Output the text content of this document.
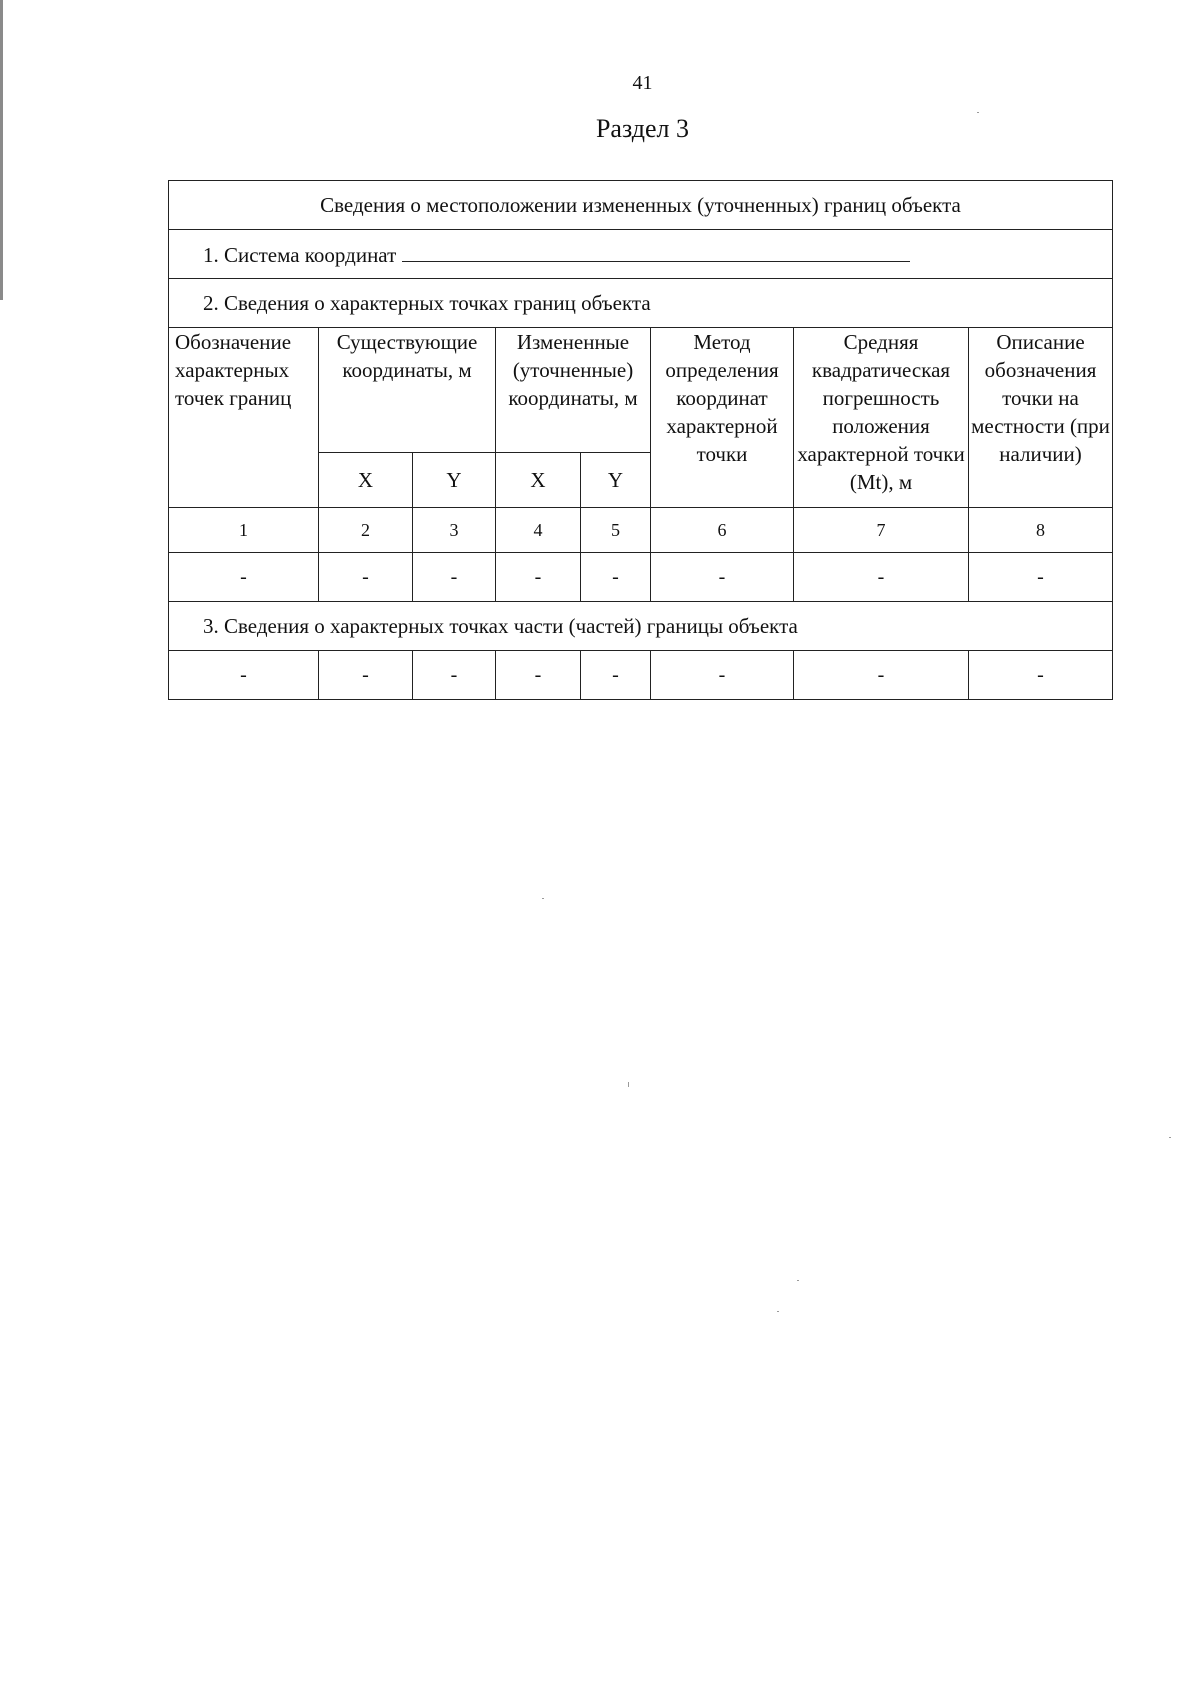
41
Раздел 3
Сведения о местоположении измененных (уточненных) границ объекта							
1. Система координат							
2. Сведения о характерных точках границ объекта							
Обозначение характерных точек границ	Существующие координаты, м		Измененные (уточненные) координаты, м		Метод определения координат характерной точки	Средняя квадратическая погрешность положения характерной точки (Mt), м	Описание обозначения точки на местности (при наличии)
	X	Y	X	Y			
1	2	3	4	5	6	7	8
-	-	-	-	-	-	-	-
3. Сведения о характерных точках части (частей) границы объекта							
-	-	-	-	-	-	-	-
